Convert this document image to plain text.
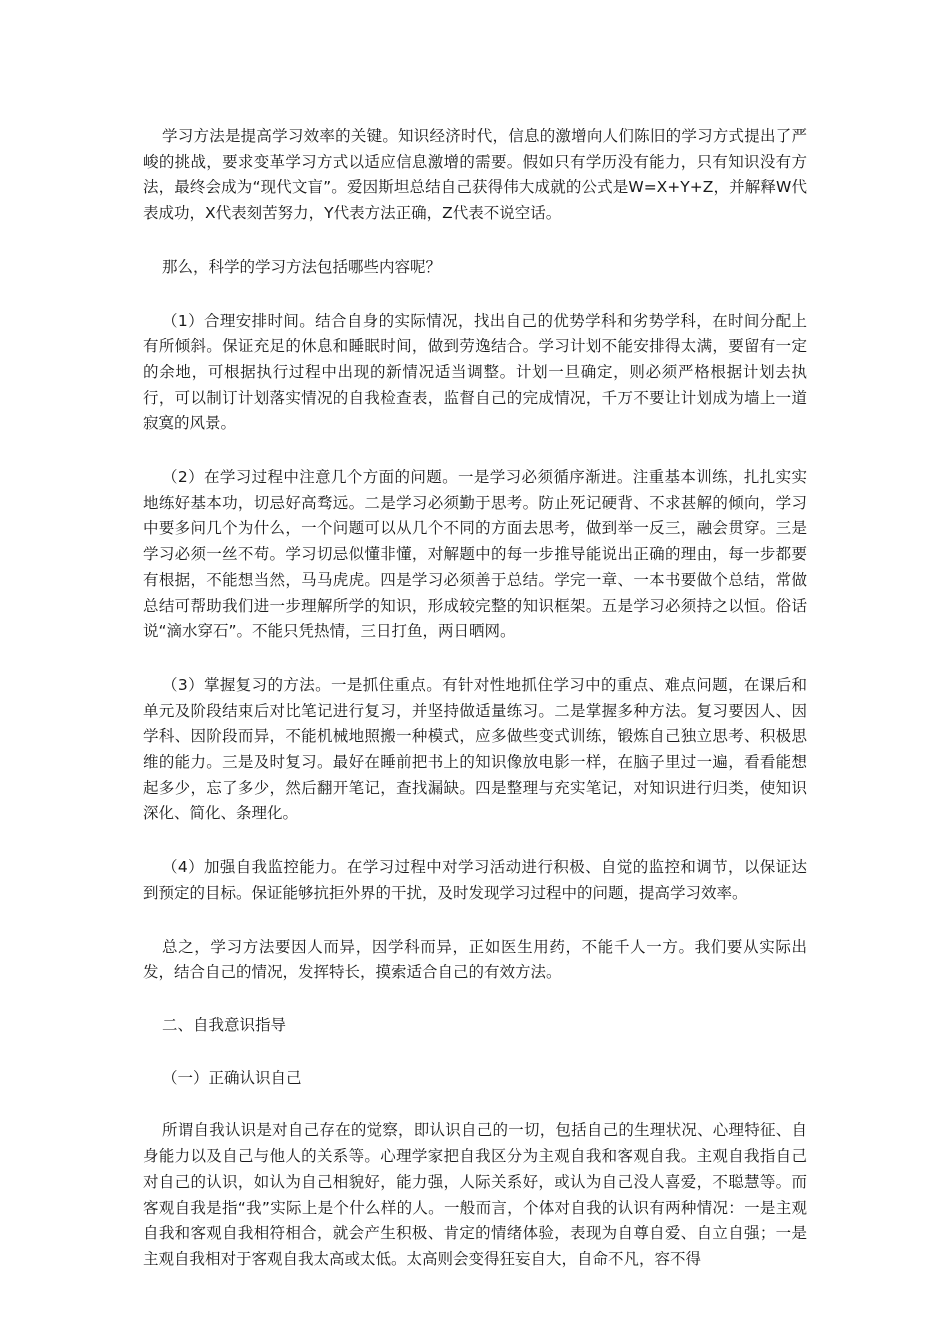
学习方法是提高学习效率的关键。知识经济时代，信息的激增向人们陈旧的学习方式提出了严峻的挑战，要求变革学习方式以适应信息激增的需要。假如只有学历没有能力，只有知识没有方法，最终会成为“现代文盲”。爱因斯坦总结自己获得伟大成就的公式是W=X+Y+Z，并解释W代表成功，X代表刻苦努力，Y代表方法正确，Z代表不说空话。

那么，科学的学习方法包括哪些内容呢？

（1）合理安排时间。结合自身的实际情况，找出自己的优势学科和劣势学科，在时间分配上有所倾斜。保证充足的休息和睡眠时间，做到劳逸结合。学习计划不能安排得太满，要留有一定的余地，可根据执行过程中出现的新情况适当调整。计划一旦确定，则必须严格根据计划去执行，可以制订计划落实情况的自我检查表，监督自己的完成情况，千万不要让计划成为墙上一道寂寞的风景。

（2）在学习过程中注意几个方面的问题。一是学习必须循序渐进。注重基本训练，扎扎实实地练好基本功，切忌好高骛远。二是学习必须勤于思考。防止死记硬背、不求甚解的倾向，学习中要多问几个为什么，一个问题可以从几个不同的方面去思考，做到举一反三，融会贯穿。三是学习必须一丝不苟。学习切忌似懂非懂，对解题中的每一步推导能说出正确的理由，每一步都要有根据，不能想当然，马马虎虎。四是学习必须善于总结。学完一章、一本书要做个总结，常做总结可帮助我们进一步理解所学的知识，形成较完整的知识框架。五是学习必须持之以恒。俗话说“滴水穿石”。不能只凭热情，三日打鱼，两日晒网。

（3）掌握复习的方法。一是抓住重点。有针对性地抓住学习中的重点、难点问题，在课后和单元及阶段结束后对比笔记进行复习，并坚持做适量练习。二是掌握多种方法。复习要因人、因学科、因阶段而异，不能机械地照搬一种模式，应多做些变式训练，锻炼自己独立思考、积极思维的能力。三是及时复习。最好在睡前把书上的知识像放电影一样，在脑子里过一遍，看看能想起多少，忘了多少，然后翻开笔记，查找漏缺。四是整理与充实笔记，对知识进行归类，使知识深化、简化、条理化。

（4）加强自我监控能力。在学习过程中对学习活动进行积极、自觉的监控和调节，以保证达到预定的目标。保证能够抗拒外界的干扰，及时发现学习过程中的问题，提高学习效率。

总之，学习方法要因人而异，因学科而异，正如医生用药，不能千人一方。我们要从实际出发，结合自己的情况，发挥特长，摸索适合自己的有效方法。

二、自我意识指导

（一）正确认识自己

所谓自我认识是对自己存在的觉察，即认识自己的一切，包括自己的生理状况、心理特征、自身能力以及自己与他人的关系等。心理学家把自我区分为主观自我和客观自我。主观自我指自己对自己的认识，如认为自己相貌好，能力强，人际关系好，或认为自己没人喜爱，不聪慧等。而客观自我是指“我”实际上是个什么样的人。一般而言，个体对自我的认识有两种情况：一是主观自我和客观自我相符相合，就会产生积极、肯定的情绪体验，表现为自尊自爱、自立自强；一是主观自我相对于客观自我太高或太低。太高则会变得狂妄自大，自命不凡，容不得
